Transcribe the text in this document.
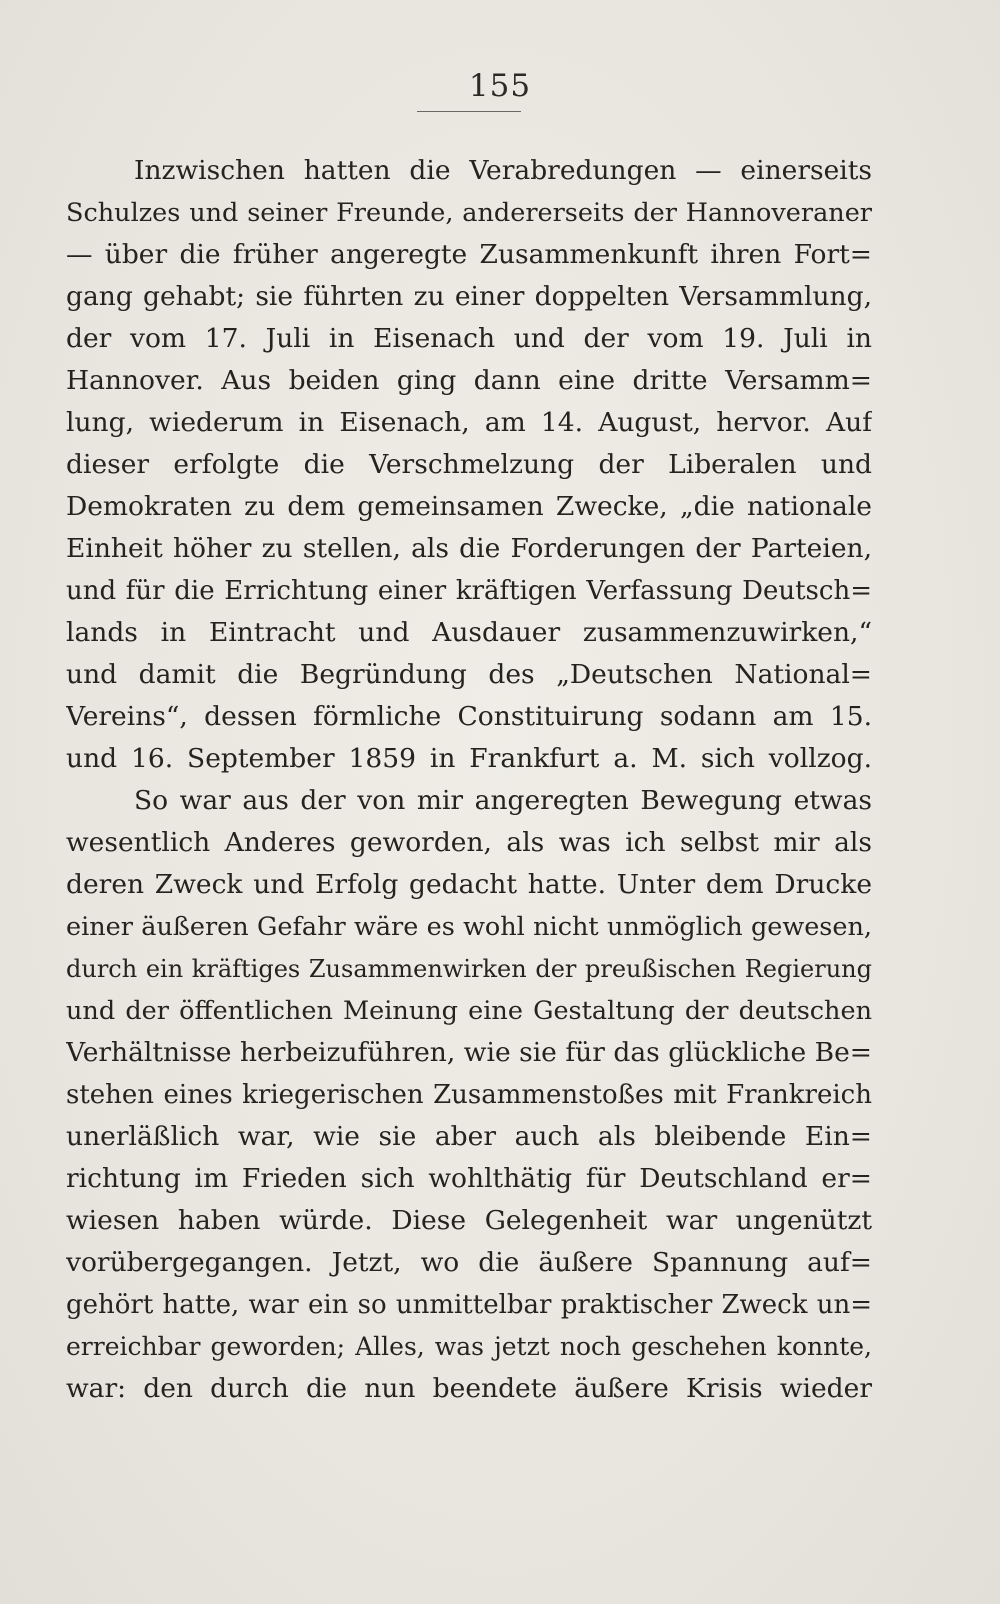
155
Inzwischen hatten die Verabredungen — einerseits
Schulzes und seiner Freunde, andererseits der Hannoveraner
— über die früher angeregte Zusammenkunft ihren Fort=
gang gehabt; sie führten zu einer doppelten Versammlung,
der vom 17. Juli in Eisenach und der vom 19. Juli in
Hannover. Aus beiden ging dann eine dritte Versamm=
lung, wiederum in Eisenach, am 14. August, hervor. Auf
dieser erfolgte die Verschmelzung der Liberalen und
Demokraten zu dem gemeinsamen Zwecke, „die nationale
Einheit höher zu stellen, als die Forderungen der Parteien,
und für die Errichtung einer kräftigen Verfassung Deutsch=
lands in Eintracht und Ausdauer zusammenzuwirken,“
und damit die Begründung des „Deutschen National=
Vereins“, dessen förmliche Constituirung sodann am 15.
und 16. September 1859 in Frankfurt a. M. sich vollzog.
So war aus der von mir angeregten Bewegung etwas
wesentlich Anderes geworden, als was ich selbst mir als
deren Zweck und Erfolg gedacht hatte. Unter dem Drucke
einer äußeren Gefahr wäre es wohl nicht unmöglich gewesen,
durch ein kräftiges Zusammenwirken der preußischen Regierung
und der öffentlichen Meinung eine Gestaltung der deutschen
Verhältnisse herbeizuführen, wie sie für das glückliche Be=
stehen eines kriegerischen Zusammenstoßes mit Frankreich
unerläßlich war, wie sie aber auch als bleibende Ein=
richtung im Frieden sich wohlthätig für Deutschland er=
wiesen haben würde. Diese Gelegenheit war ungenützt
vorübergegangen. Jetzt, wo die äußere Spannung auf=
gehört hatte, war ein so unmittelbar praktischer Zweck un=
erreichbar geworden; Alles, was jetzt noch geschehen konnte,
war: den durch die nun beendete äußere Krisis wieder
